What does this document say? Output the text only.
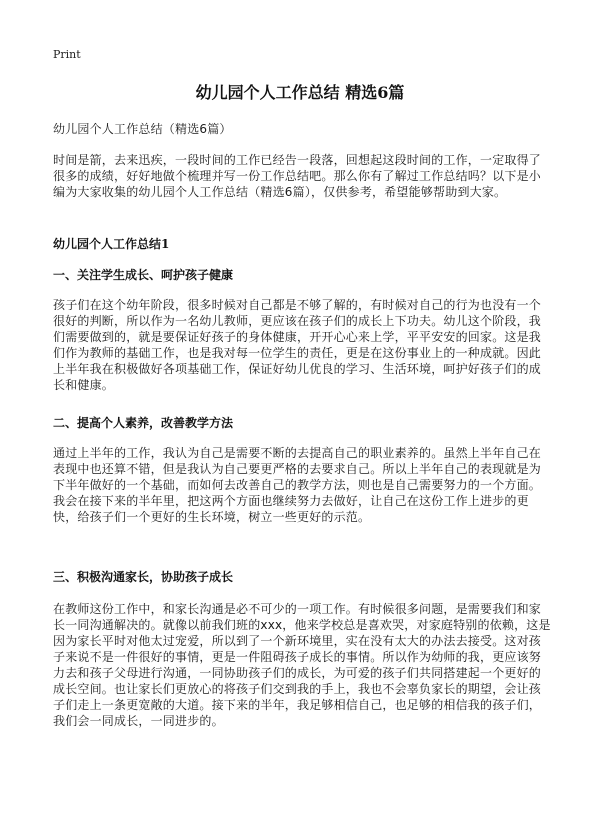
Print
幼儿园个人工作总结 精选6篇

幼儿园个人工作总结（精选6篇）

时间是箭，去来迅疾，一段时间的工作已经告一段落，回想起这段时间的工作，一定取得了很多的成绩，好好地做个梳理并写一份工作总结吧。那么你有了解过工作总结吗？以下是小编为大家收集的幼儿园个人工作总结（精选6篇），仅供参考，希望能够帮助到大家。

幼儿园个人工作总结1
一、关注学生成长、呵护孩子健康

孩子们在这个幼年阶段，很多时候对自己都是不够了解的，有时候对自己的行为也没有一个很好的判断，所以作为一名幼儿教师，更应该在孩子们的成长上下功夫。幼儿这个阶段，我们需要做到的，就是要保证好孩子的身体健康，开开心心来上学，平平安安的回家。这是我们作为教师的基础工作，也是我对每一位学生的责任，更是在这份事业上的一种成就。因此上半年我在积极做好各项基础工作，保证好幼儿优良的学习、生活环境，呵护好孩子们的成长和健康。

二、提高个人素养，改善教学方法

通过上半年的工作，我认为自己是需要不断的去提高自己的职业素养的。虽然上半年自己在表现中也还算不错，但是我认为自己要更严格的去要求自己。所以上半年自己的表现就是为下半年做好的一个基础，而如何去改善自己的教学方法，则也是自己需要努力的一个方面。我会在接下来的半年里，把这两个方面也继续努力去做好，让自己在这份工作上进步的更快，给孩子们一个更好的生长环境，树立一些更好的示范。

三、积极沟通家长，协助孩子成长

在教师这份工作中，和家长沟通是必不可少的一项工作。有时候很多问题，是需要我们和家长一同沟通解决的。就像以前我们班的xxx，他来学校总是喜欢哭，对家庭特别的依赖，这是因为家长平时对他太过宠爱，所以到了一个新环境里，实在没有太大的办法去接受。这对孩子来说不是一件很好的事情，更是一件阻碍孩子成长的事情。所以作为幼师的我，更应该努力去和孩子父母进行沟通，一同协助孩子们的成长，为可爱的孩子们共同搭建起一个更好的成长空间。也让家长们更放心的将孩子们交到我的手上，我也不会辜负家长的期望，会让孩子们走上一条更宽敞的大道。接下来的半年，我足够相信自己，也足够的相信我的孩子们，我们会一同成长，一同进步的。
